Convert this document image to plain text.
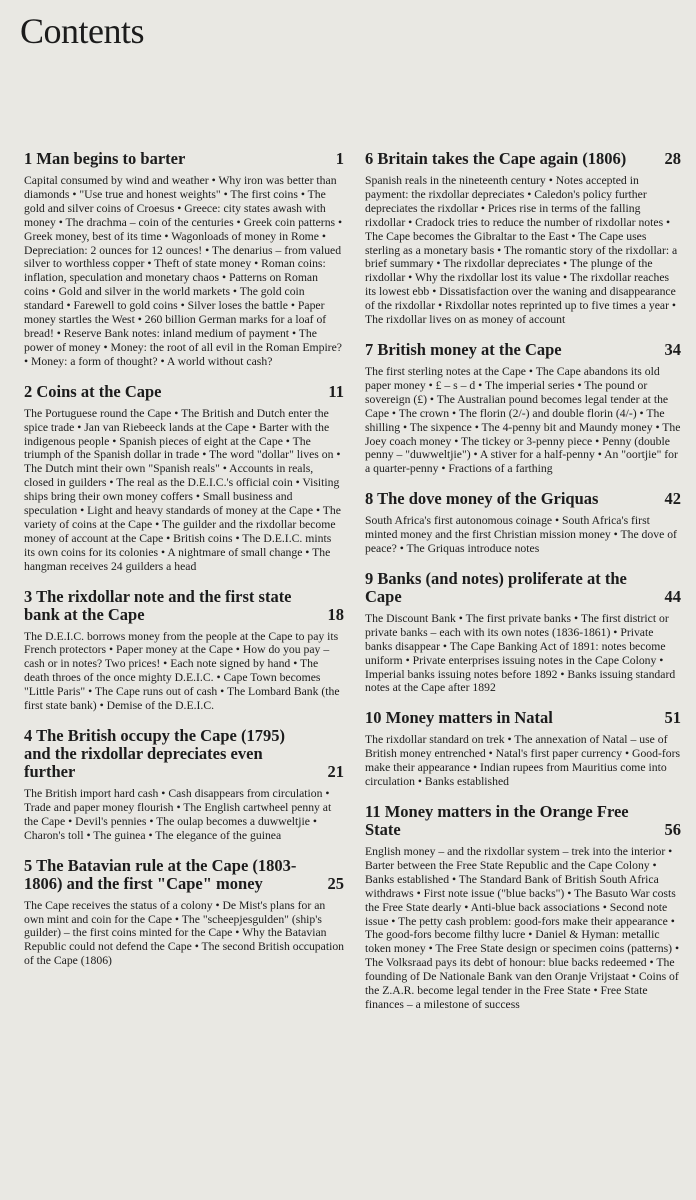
Contents
1 Man begins to barter	1

Capital consumed by wind and weather • Why iron was better than diamonds • "Use true and honest weights" • The first coins • The gold and silver coins of Croesus • Greece: city states awash with money • The drachma – coin of the centuries • Greek coin patterns • Greek money, best of its time • Wagonloads of money in Rome • Depreciation: 2 ounces for 12 ounces! • The denarius – from valued silver to worthless copper • Theft of state money • Roman coins: inflation, speculation and monetary chaos • Patterns on Roman coins • Gold and silver in the world markets • The gold coin standard • Farewell to gold coins • Silver loses the battle • Paper money startles the West • 260 billion German marks for a loaf of bread! • Reserve Bank notes: inland medium of payment • The power of money • Money: the root of all evil in the Roman Empire? • Money: a form of thought? • A world without cash?

2 Coins at the Cape	11

The Portuguese round the Cape • The British and Dutch enter the spice trade • Jan van Riebeeck lands at the Cape • Barter with the indigenous people • Spanish pieces of eight at the Cape • The triumph of the Spanish dollar in trade • The word "dollar" lives on • The Dutch mint their own "Spanish reals" • Accounts in reals, closed in guilders • The real as the D.E.I.C.'s official coin • Visiting ships bring their own money coffers • Small business and speculation • Light and heavy standards of money at the Cape • The variety of coins at the Cape • The guilder and the rixdollar become money of account at the Cape • British coins • The D.E.I.C. mints its own coins for its colonies • A nightmare of small change • The hangman receives 24 guilders a head

3 The rixdollar note and the first state bank at the Cape	18

The D.E.I.C. borrows money from the people at the Cape to pay its French protectors • Paper money at the Cape • How do you pay – cash or in notes? Two prices! • Each note signed by hand • The death throes of the once mighty D.E.I.C. • Cape Town becomes "Little Paris" • The Cape runs out of cash • The Lombard Bank (the first state bank) • Demise of the D.E.I.C.

4 The British occupy the Cape (1795) and the rixdollar depreciates even further	21

The British import hard cash • Cash disappears from circulation • Trade and paper money flourish • The English cartwheel penny at the Cape • Devil's pennies • The oulap becomes a duwweltjie • Charon's toll • The guinea • The elegance of the guinea

5 The Batavian rule at the Cape (1803-1806) and the first "Cape" money	25

The Cape receives the status of a colony • De Mist's plans for an own mint and coin for the Cape • The "scheepjesgulden" (ship's guilder) – the first coins minted for the Cape • Why the Batavian Republic could not defend the Cape • The second British occupation of the Cape (1806)

6 Britain takes the Cape again (1806) 28

Spanish reals in the nineteenth century • Notes accepted in payment: the rixdollar depreciates • Caledon's policy further depreciates the rixdollar • Prices rise in terms of the falling rixdollar • Cradock tries to reduce the number of rixdollar notes • The Cape becomes the Gibraltar to the East • The Cape uses sterling as a monetary basis • The romantic story of the rixdollar: a brief summary • The rixdollar depreciates • The plunge of the rixdollar • Why the rixdollar lost its value • The rixdollar reaches its lowest ebb • Dissatisfaction over the waning and disappearance of the rixdollar • Rixdollar notes reprinted up to five times a year • The rixdollar lives on as money of account

7 British money at the Cape	34

The first sterling notes at the Cape • The Cape abandons its old paper money • £ – s – d • The imperial series • The pound or sovereign (£) • The Australian pound becomes legal tender at the Cape • The crown • The florin (2/-) and double florin (4/-) • The shilling • The sixpence • The 4-penny bit and Maundy money • The Joey coach money • The tickey or 3-penny piece • Penny (double penny – "duwweltjie") • A stiver for a half-penny • An "oortjie" for a quarter-penny • Fractions of a farthing

8 The dove money of the Griquas	42

South Africa's first autonomous coinage • South Africa's first minted money and the first Christian mission money • The dove of peace? • The Griquas introduce notes

9 Banks (and notes) proliferate at the Cape	44

The Discount Bank • The first private banks • The first district or private banks – each with its own notes (1836-1861) • Private banks disappear • The Cape Banking Act of 1891: notes become uniform • Private enterprises issuing notes in the Cape Colony • Imperial banks issuing notes before 1892 • Banks issuing standard notes at the Cape after 1892

10 Money matters in Natal	51

The rixdollar standard on trek • The annexation of Natal – use of British money entrenched • Natal's first paper currency • Good-fors make their appearance • Indian rupees from Mauritius come into circulation • Banks established

11 Money matters in the Orange Free State	56

English money – and the rixdollar system – trek into the interior • Barter between the Free State Republic and the Cape Colony • Banks established • The Standard Bank of British South Africa withdraws • First note issue ("blue backs") • The Basuto War costs the Free State dearly • Anti-blue back associations • Second note issue • The petty cash problem: good-fors make their appearance • The good-fors become filthy lucre • Daniel & Hyman: metallic token money • The Free State design or specimen coins (patterns) • The Volksraad pays its debt of honour: blue backs redeemed • The founding of De Nationale Bank van den Oranje Vrijstaat • Coins of the Z.A.R. become legal tender in the Free State • Free State finances – a milestone of success
